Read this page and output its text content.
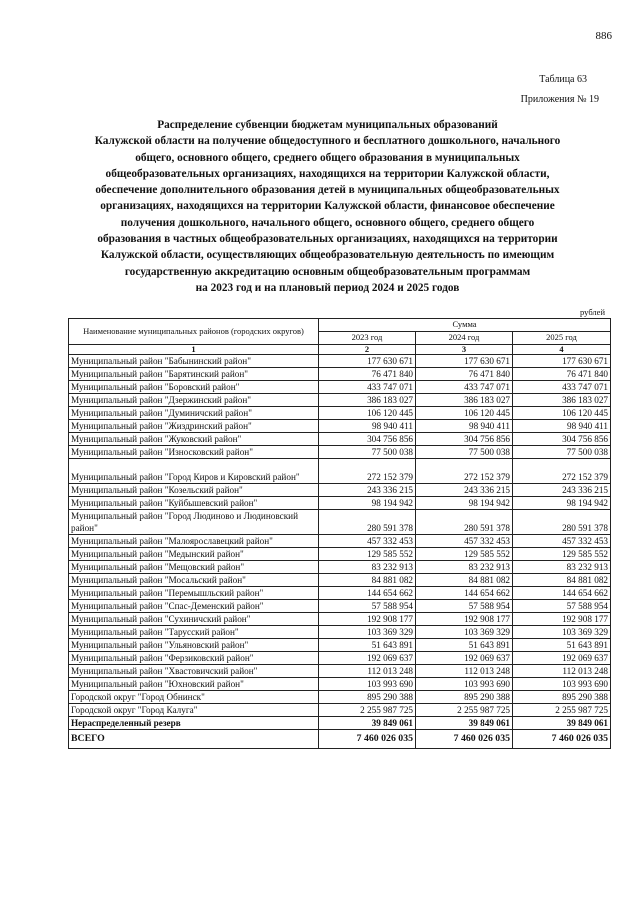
886
Таблица 63
Приложения № 19
Распределение субвенции бюджетам муниципальных образований
Калужской области на получение общедоступного и бесплатного дошкольного, начального
общего, основного общего, среднего общего образования в муниципальных
общеобразовательных организациях, находящихся на территории Калужской области,
обеспечение дополнительного образования детей в муниципальных общеобразовательных
организациях, находящихся на территории Калужской области, финансовое обеспечение
получения дошкольного, начального общего, основного общего, среднего общего
образования в частных общеобразовательных организациях, находящихся на территории
Калужской области, осуществляющих общеобразовательную деятельность по имеющим
государственную аккредитацию основным общеобразовательным программам
на 2023 год и на плановый период 2024 и 2025 годов
рублей
Наименование муниципальных районов (городских округов)	Сумма		
	2023 год	2024 год	2025 год
1	2	3	4
Муниципальный район "Бабынинский район"	177 630 671	177 630 671	177 630 671
Муниципальный район "Барятинский район"	76 471 840	76 471 840	76 471 840
Муниципальный район "Боровский район"	433 747 071	433 747 071	433 747 071
Муниципальный район "Дзержинский район"	386 183 027	386 183 027	386 183 027
Муниципальный район "Думиничский район"	106 120 445	106 120 445	106 120 445
Муниципальный район "Жиздринский район"	98 940 411	98 940 411	98 940 411
Муниципальный район "Жуковский район"	304 756 856	304 756 856	304 756 856
Муниципальный район "Износковский район"	77 500 038	77 500 038	77 500 038
Муниципальный район "Город Киров и Кировский район"	272 152 379	272 152 379	272 152 379
Муниципальный район "Козельский район"	243 336 215	243 336 215	243 336 215
Муниципальный район "Куйбышевский район"	98 194 942	98 194 942	98 194 942
Муниципальный район "Город Людиново и Людиновский район"	280 591 378	280 591 378	280 591 378
Муниципальный район "Малоярославецкий район"	457 332 453	457 332 453	457 332 453
Муниципальный район "Медынский район"	129 585 552	129 585 552	129 585 552
Муниципальный район "Мещовский район"	83 232 913	83 232 913	83 232 913
Муниципальный район "Мосальский район"	84 881 082	84 881 082	84 881 082
Муниципальный район "Перемышльский район"	144 654 662	144 654 662	144 654 662
Муниципальный район "Спас-Деменский район"	57 588 954	57 588 954	57 588 954
Муниципальный район "Сухиничский район"	192 908 177	192 908 177	192 908 177
Муниципальный район "Тарусский район"	103 369 329	103 369 329	103 369 329
Муниципальный район "Ульяновский район"	51 643 891	51 643 891	51 643 891
Муниципальный район "Ферзиковский район"	192 069 637	192 069 637	192 069 637
Муниципальный район "Хвастовичский район"	112 013 248	112 013 248	112 013 248
Муниципальный район "Юхновский район"	103 993 690	103 993 690	103 993 690
Городской округ "Город Обнинск"	895 290 388	895 290 388	895 290 388
Городской округ "Город Калуга"	2 255 987 725	2 255 987 725	2 255 987 725
Нераспределенный резерв	39 849 061	39 849 061	39 849 061
ВСЕГО	7 460 026 035	7 460 026 035	7 460 026 035
